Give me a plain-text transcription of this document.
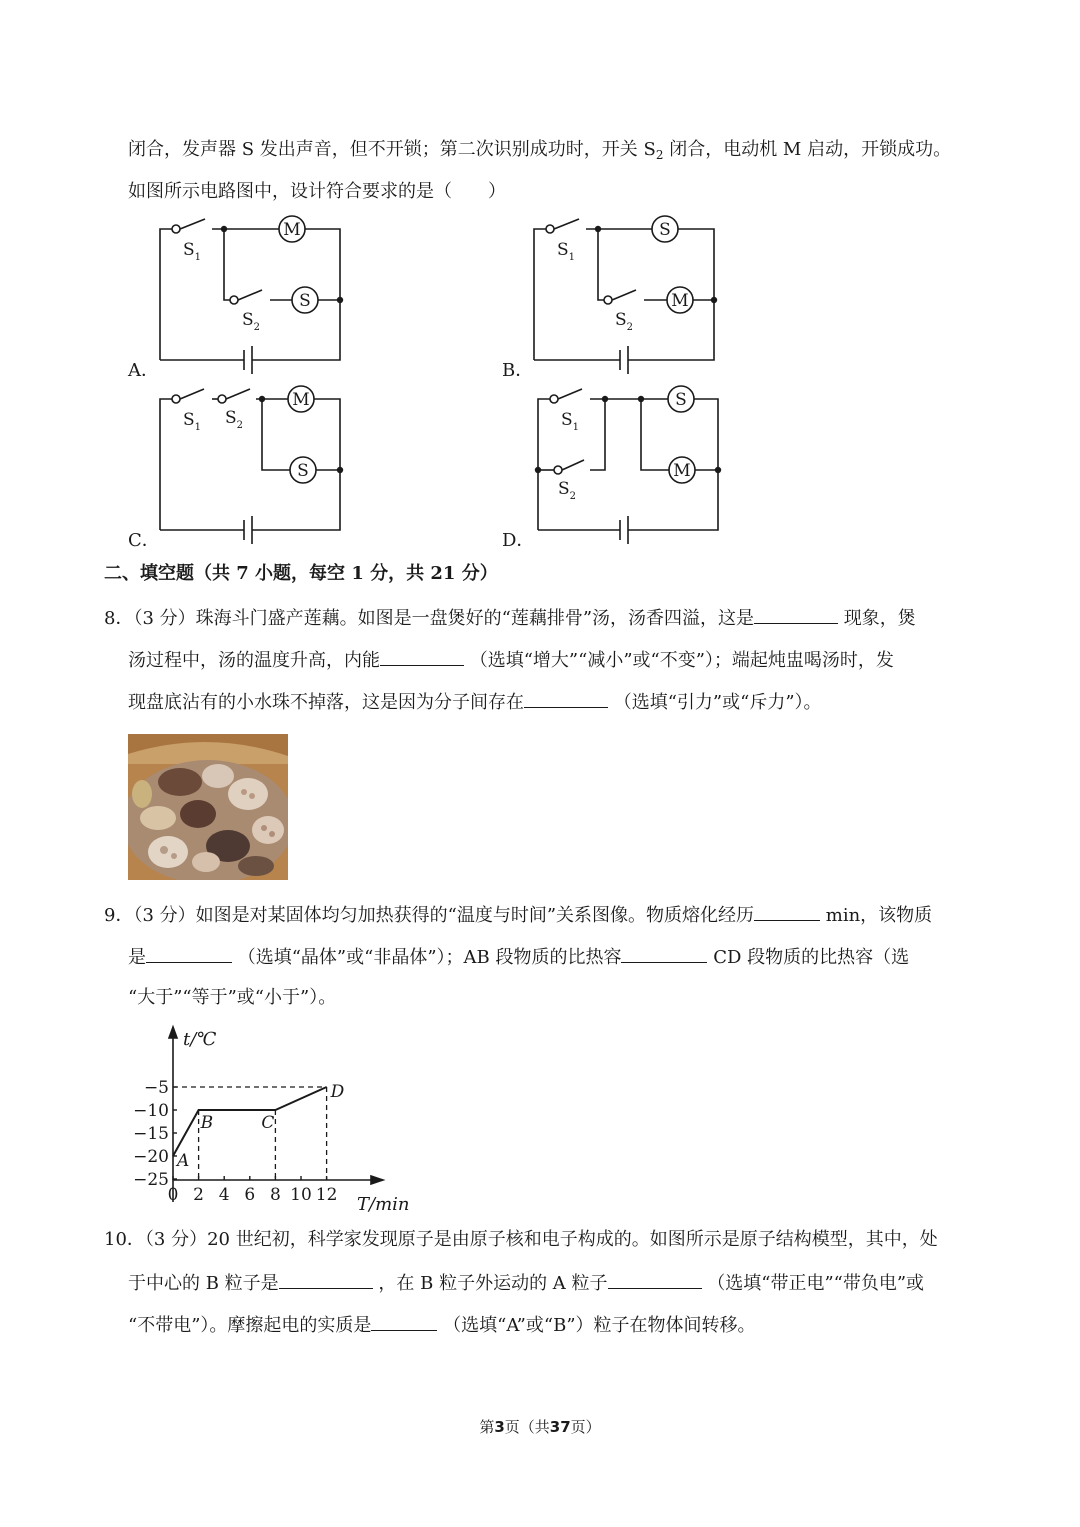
闭合，发声器 S 发出声音，但不开锁；第二次识别成功时，开关 $S_2$ 闭合，电动机 M 启动，开锁成功。
如图所示电路图中，设计符合要求的是（　　）
M
S
S
M
M
S
S
M
$S_1$
$S_2$
$S_1$
$S_2$
$S_1$ $S_2$	$S_1$
$S_2$
A．	B．
C．	D．
二、填空题（共 7 小题，每空 1 分，共 21 分）
8．（3 分）珠海斗门盛产莲藕。如图是一盘煲好的“莲藕排骨”汤，汤香四溢，这是	现象，煲
汤过程中，汤的温度升高，内能	（选填“增大”“减小”或“不变”）；端起炖盅喝汤时，发
现盘底沾有的小水珠不掉落，这是因为分子间存在	（选填“引力”或“斥力”）。
9．（3 分）如图是对某固体均匀加热获得的“温度与时间”关系图像。物质熔化经历	min，该物质
是	（选填“晶体”或“非晶体”）；AB 段物质的比热容	CD 段物质的比热容（选
“大于”“等于”或“小于”）。
0 2 4 6 8 10 12
−5
−10
−15
−20
−25
A
B	C
D
t/℃
T/min
10．（3 分）20 世纪初，科学家发现原子是由原子核和电子构成的。如图所示是原子结构模型，其中，处
于中心的 B 粒子是	，在 B 粒子外运动的 A 粒子	（选填“带正电”“带负电”或
“不带电”）。摩擦起电的实质是	（选填“A”或“B”）粒子在物体间转移。
第3页（共37页）
